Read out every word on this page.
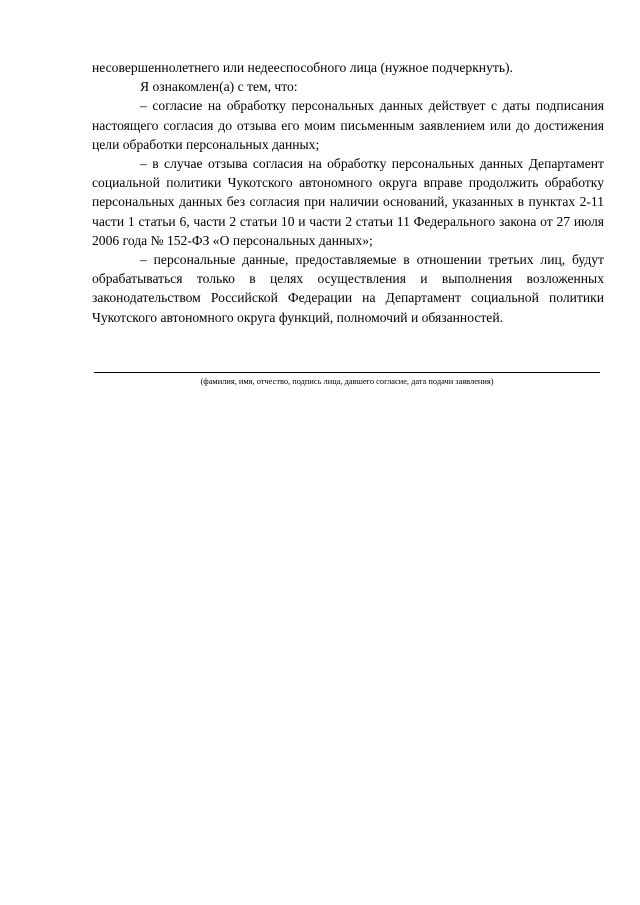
несовершеннолетнего или недееспособного лица (нужное подчеркнуть).

Я ознакомлен(а) с тем, что:

– согласие на обработку персональных данных действует с даты подписания настоящего согласия до отзыва его моим письменным заявлением или до достижения цели обработки персональных данных;

– в случае отзыва согласия на обработку персональных данных Департамент социальной политики Чукотского автономного округа вправе продолжить обработку персональных данных без согласия при наличии оснований, указанных в пунктах 2-11 части 1 статьи 6, части 2 статьи 10 и части 2 статьи 11 Федерального закона от 27 июля 2006 года № 152-ФЗ «О персональных данных»;

– персональные данные, предоставляемые в отношении третьих лиц, будут обрабатываться только в целях осуществления и выполнения возложенных законодательством Российской Федерации на Департамент социальной политики Чукотского автономного округа функций, полномочий и обязанностей.

(фамилия, имя, отчество, подпись лица, давшего согласие, дата подачи заявления)
